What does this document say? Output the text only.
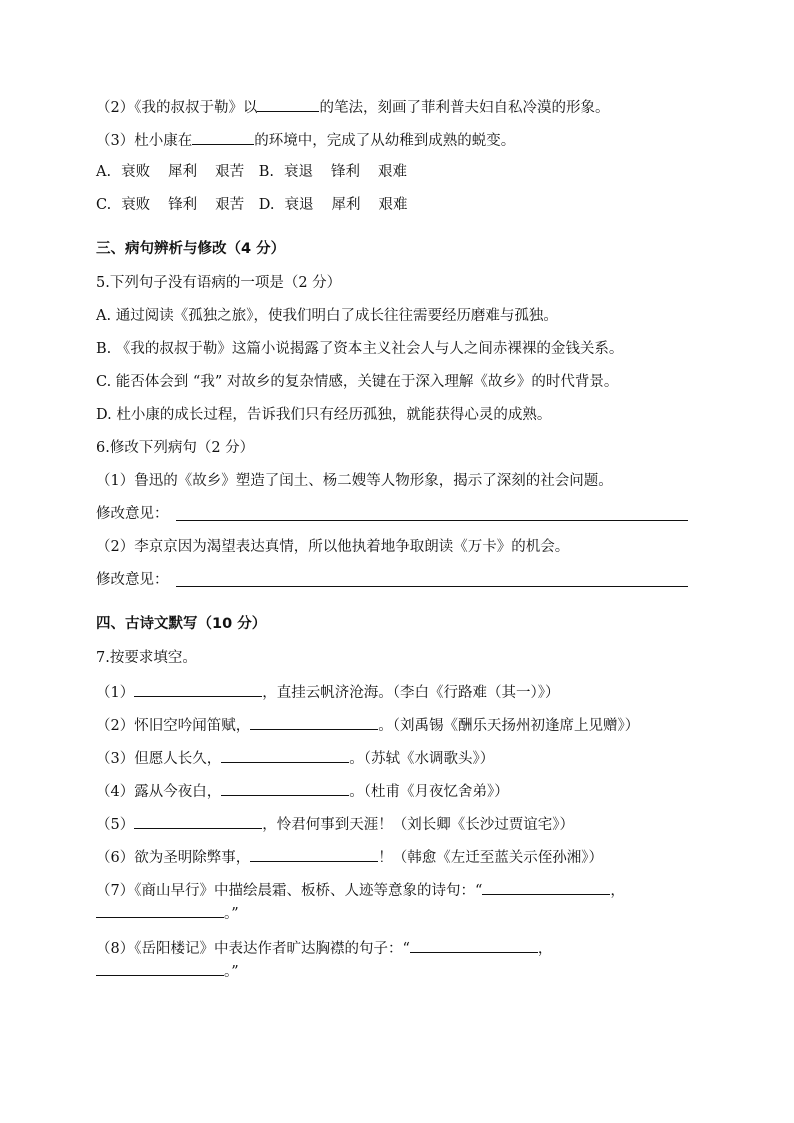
（2）《我的叔叔于勒》以	的笔法，刻画了菲利普夫妇自私冷漠的形象。
（3）杜小康在	的环境中，完成了从幼稚到成熟的蜕变。
A. 衰败 犀利 艰苦 B. 衰退 锋利 艰难
C. 衰败 锋利 艰苦 D. 衰退 犀利 艰难
三、病句辨析与修改（4 分）
5.下列句子没有语病的一项是（2 分）
A. 通过阅读《孤独之旅》，使我们明白了成长往往需要经历磨难与孤独。
B. 《我的叔叔于勒》这篇小说揭露了资本主义社会人与人之间赤裸裸的金钱关系。
C. 能否体会到 “我” 对故乡的复杂情感，关键在于深入理解《故乡》的时代背景。
D. 杜小康的成长过程，告诉我们只有经历孤独，就能获得心灵的成熟。
6.修改下列病句（2 分）
（1）鲁迅的《故乡》塑造了闰土、杨二嫂等人物形象，揭示了深刻的社会问题。
修改意见：
（2）李京京因为渴望表达真情，所以他执着地争取朗读《万卡》的机会。
修改意见：
四、古诗文默写（10 分）
7.按要求填空。
（1）	，直挂云帆济沧海。（李白《行路难（其一）》）
（2）怀旧空吟闻笛赋，	。（刘禹锡《酬乐天扬州初逢席上见赠》）
（3）但愿人长久，	。（苏轼《水调歌头》）
（4）露从今夜白，	。（杜甫《月夜忆舍弟》）
（5）	，怜君何事到天涯！（刘长卿《长沙过贾谊宅》）
（6）欲为圣明除弊事，	！（韩愈《左迁至蓝关示侄孙湘》）
（7）《商山早行》中描绘晨霜、板桥、人迹等意象的诗句：“	，
。”
（8）《岳阳楼记》中表达作者旷达胸襟的句子：“	，
。”
